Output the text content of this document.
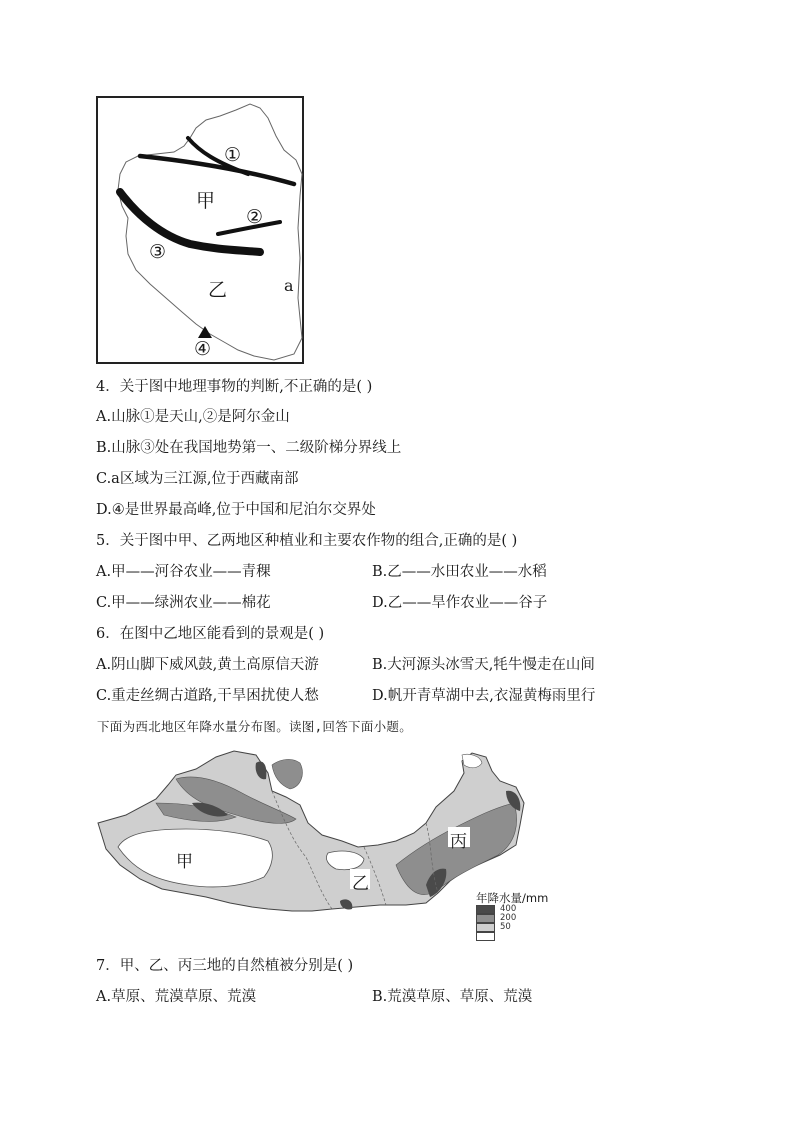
①
甲
②
③
乙	a
④
4．关于图中地理事物的判断,不正确的是( )
A.山脉①是天山,②是阿尔金山
B.山脉③处在我国地势第一、二级阶梯分界线上
C.a区域为三江源,位于西藏南部
D.④是世界最高峰,位于中国和尼泊尔交界处
5．关于图中甲、乙两地区种植业和主要农作物的组合,正确的是( )
A.甲——河谷农业——青稞	B.乙——水田农业——水稻
C.甲——绿洲农业——棉花	D.乙——旱作农业——谷子
6．在图中乙地区能看到的景观是( )
A.阴山脚下威风鼓,黄土高原信天游	B.大河源头冰雪天,牦牛慢走在山间
C.重走丝绸古道路,干旱困扰使人愁	D.帆开青草湖中去,衣湿黄梅雨里行
下面为西北地区年降水量分布图。读图,回答下面小题。
甲
乙
丙
年降水量/mm
400
200
50
7．甲、乙、丙三地的自然植被分别是( )
A.草原、荒漠草原、荒漠	B.荒漠草原、草原、荒漠
